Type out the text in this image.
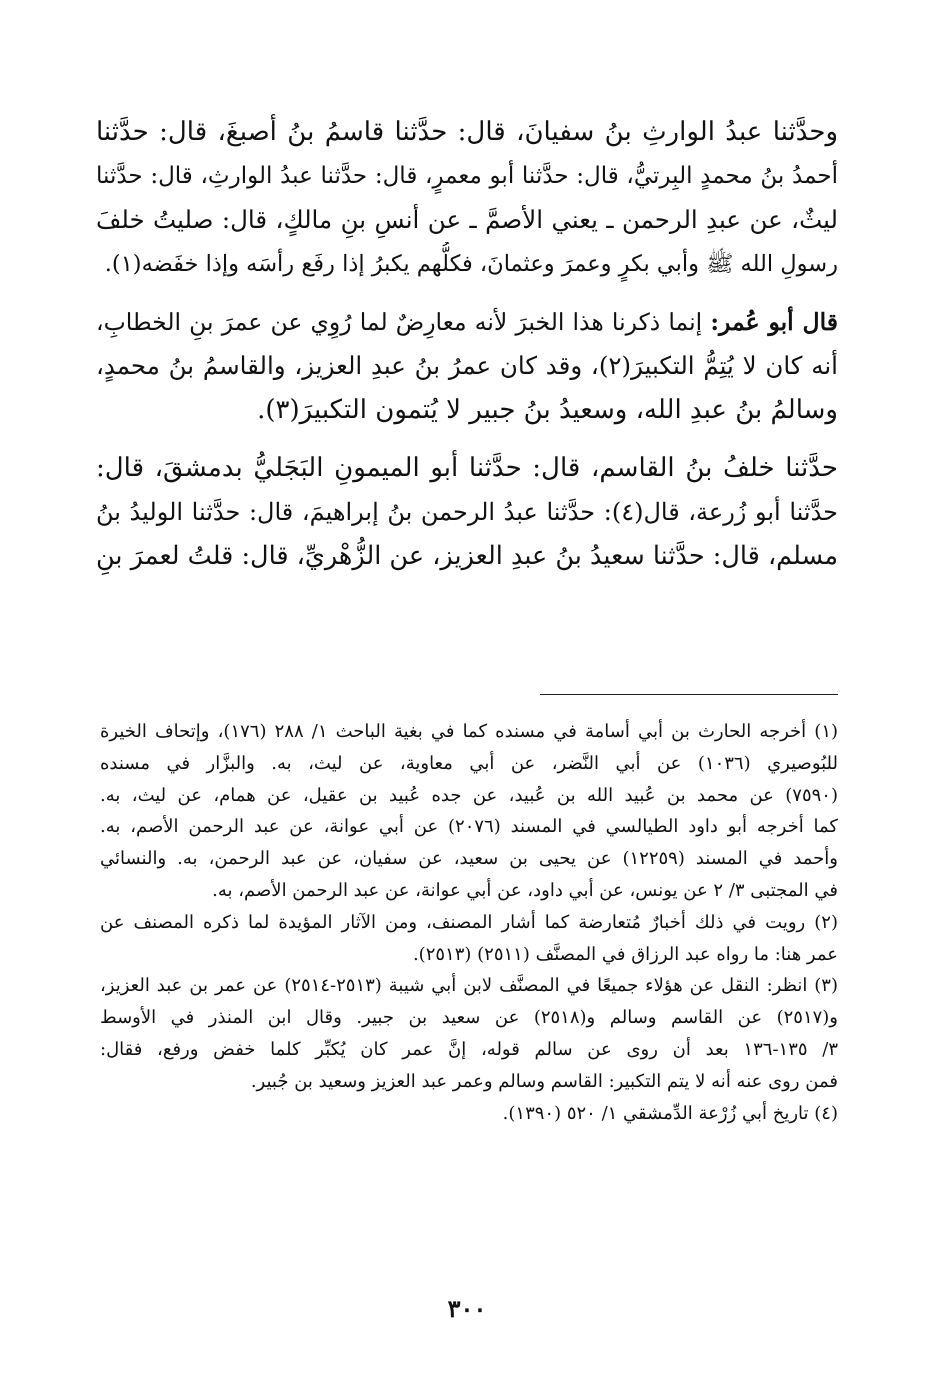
وحدَّثنا عبدُ الوارثِ بنُ سفيانَ، قال: حدَّثنا قاسمُ بنُ أصبغَ، قال: حدَّثنا
أحمدُ بنُ محمدٍ البِرتيُّ، قال: حدَّثنا أبو معمرٍ، قال: حدَّثنا عبدُ الوارثِ، قال: حدَّثنا
ليثٌ، عن عبدِ الرحمن ـ يعني الأصمَّ ـ عن أنسِ بنِ مالكٍ، قال: صليتُ خلفَ
رسولِ الله ﷺ وأبي بكرٍ وعمرَ وعثمانَ، فكلُّهم يكبرُ إذا رفَع رأسَه وإذا خفَضه(١).
قال أبو عُمر: إنما ذكرنا هذا الخبرَ لأنه معارِضٌ لما رُوِي عن عمرَ بنِ الخطابِ،
أنه كان لا يُتِمُّ التكبيرَ(٢)، وقد كان عمرُ بنُ عبدِ العزيز، والقاسمُ بنُ محمدٍ،
وسالمُ بنُ عبدِ الله، وسعيدُ بنُ جبير لا يُتمون التكبيرَ(٣).
حدَّثنا خلفُ بنُ القاسم، قال: حدَّثنا أبو الميمونِ البَجَليُّ بدمشقَ، قال:
حدَّثنا أبو زُرعة، قال(٤): حدَّثنا عبدُ الرحمن بنُ إبراهيمَ، قال: حدَّثنا الوليدُ بنُ
مسلم، قال: حدَّثنا سعيدُ بنُ عبدِ العزيز، عن الزُّهْريِّ، قال: قلتُ لعمرَ بنِ
(١) أخرجه الحارث بن أبي أسامة في مسنده كما في بغية الباحث ١/ ٢٨٨ (١٧٦)، وإتحاف الخيرة
للبُوصيري (١٠٣٦) عن أبي النَّضر، عن أبي معاوية، عن ليث، به. والبزَّار في مسنده
(٧٥٩٠) عن محمد بن عُبيد الله بن عُبيد، عن جده عُبيد بن عقيل، عن همام، عن ليث، به.
كما أخرجه أبو داود الطيالسي في المسند (٢٠٧٦) عن أبي عوانة، عن عبد الرحمن الأصم، به.
وأحمد في المسند (١٢٢٥٩) عن يحيى بن سعيد، عن سفيان، عن عبد الرحمن، به. والنسائي
في المجتبى ٣/ ٢ عن يونس، عن أبي داود، عن أبي عوانة، عن عبد الرحمن الأصم، به.
(٢) رويت في ذلك أخبارٌ مُتعارضة كما أشار المصنف، ومن الآثار المؤيدة لما ذكره المصنف عن
عمر هنا: ما رواه عبد الرزاق في المصنَّف (٢٥١١) (٢٥١٣).
(٣) انظر: النقل عن هؤلاء جميعًا في المصنَّف لابن أبي شيبة (٢٥١٣-٢٥١٤) عن عمر بن عبد العزيز،
و(٢٥١٧) عن القاسم وسالم و(٢٥١٨) عن سعيد بن جبير. وقال ابن المنذر في الأوسط
٣/ ١٣٥-١٣٦ بعد أن روى عن سالم قوله، إنَّ عمر كان يُكبِّر كلما خفض ورفع، فقال:
فمن روى عنه أنه لا يتم التكبير: القاسم وسالم وعمر عبد العزيز وسعيد بن جُبير.
(٤) تاريخ أبي زُرْعة الدِّمشقي ١/ ٥٢٠ (١٣٩٠).
٣٠٠
